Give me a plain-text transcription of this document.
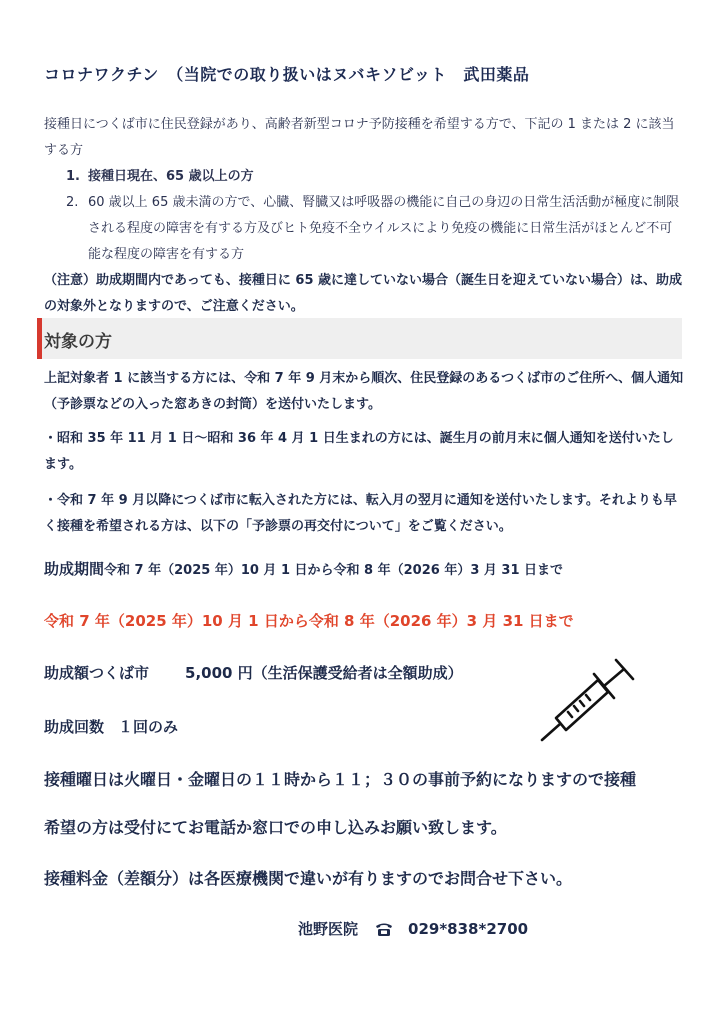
コロナワクチン　（当院での取り扱いはヌバキソビット　武田薬品
接種日につくば市に住民登録があり、高齢者新型コロナ予防接種を希望する方で、下記の 1 または 2 に該当する方
1. 接種日現在、65 歳以上の方
2. 60 歳以上 65 歳未満の方で、心臓、腎臓又は呼吸器の機能に自己の身辺の日常生活活動が極度に制限される程度の障害を有する方及びヒト免疫不全ウイルスにより免疫の機能に日常生活がほとんど不可能な程度の障害を有する方
（注意）助成期間内であっても、接種日に 65 歳に達していない場合（誕生日を迎えていない場合）は、助成の対象外となりますので、ご注意ください。
対象の方
上記対象者 1 に該当する方には、令和 7 年 9 月末から順次、住民登録のあるつくば市のご住所へ、個人通知（予診票などの入った窓あきの封筒）を送付いたします。
・昭和 35 年 11 月 1 日～昭和 36 年 4 月 1 日生まれの方には、誕生月の前月末に個人通知を送付いたします。
・令和 7 年 9 月以降につくば市に転入された方には、転入月の翌月に通知を送付いたします。それよりも早く接種を希望される方は、以下の「予診票の再交付について」をご覧ください。
助成期間令和 7 年（2025 年）10 月 1 日から令和 8 年（2026 年）3 月 31 日まで
令和 7 年（2025 年）10 月 1 日から令和 8 年（2026 年）3 月 31 日まで
助成額つくば市 5,000 円（生活保護受給者は全額助成）
助成回数 １回のみ
接種曜日は火曜日・金曜日の１１時から１１；３０の事前予約になりますので接種
希望の方は受付にてお電話か窓口での申し込みお願い致します。
接種料金（差額分）は各医療機関で違いが有りますのでお問合せ下さい。
池野医院	029*838*2700
